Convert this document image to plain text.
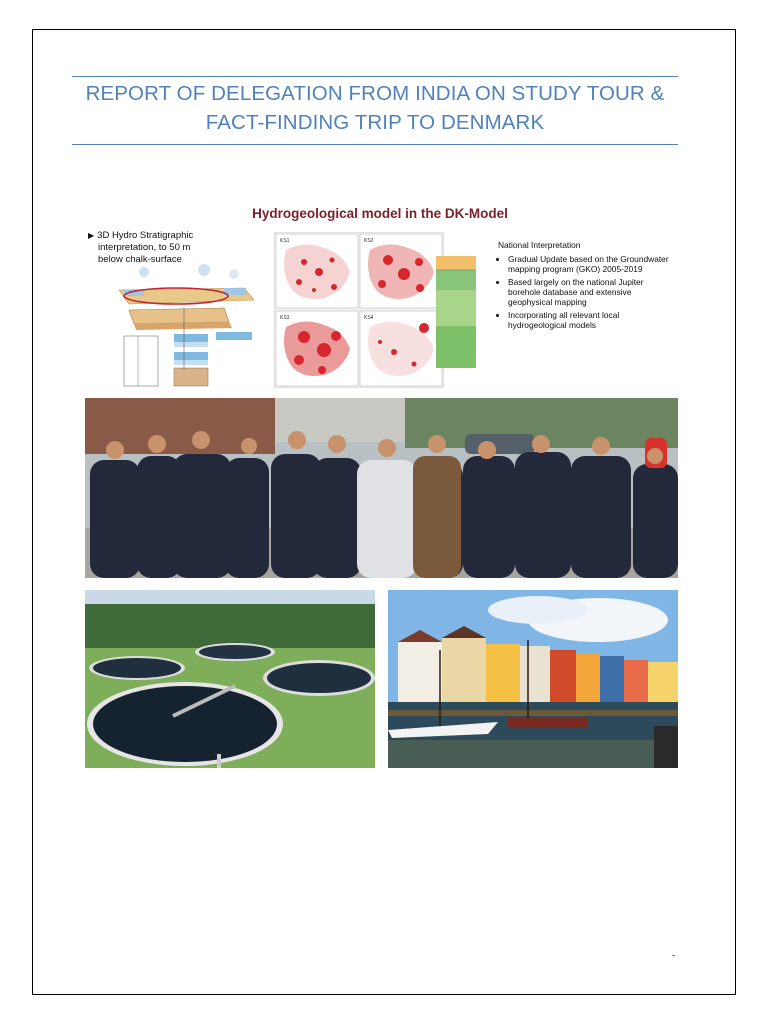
REPORT OF DELEGATION FROM INDIA ON STUDY TOUR &
FACT-FINDING TRIP TO DENMARK
Hydrogeological model in the DK-Model
▶ 3D Hydro Stratigraphic
interpretation, to 50 m
below chalk-surface
KS1	KS2
KS3	KS4
National Interpretation
• Gradual Update based on the Groundwater mapping program (GKO) 2005-2019
• Based largely on the national Jupiter borehole database and extensive geophysical mapping
• Incorporating all relevant local hydrogeological models
-
